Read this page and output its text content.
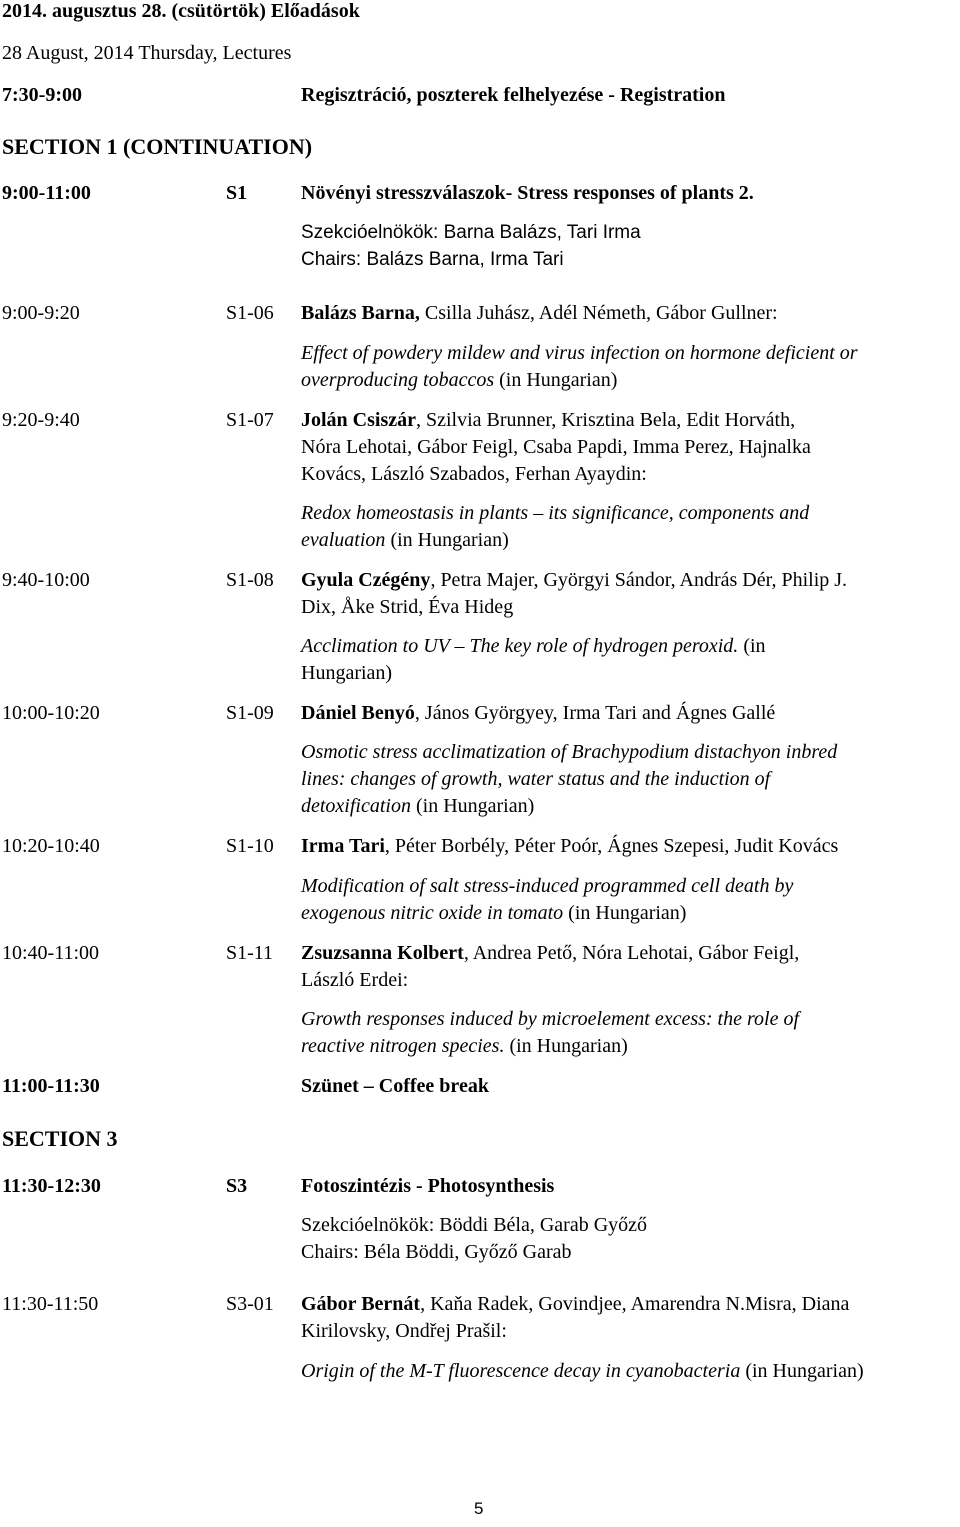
2014. augusztus 28. (csütörtök) Előadások
28 August, 2014 Thursday, Lectures
7:30-9:00	Regisztráció, poszterek felhelyezése - Registration
SECTION 1 (CONTINUATION)
9:00-11:00	S1	Növényi stresszválaszok- Stress responses of plants 2.
Szekcióelnökök: Barna Balázs, Tari Irma
Chairs: Balázs Barna, Irma Tari
9:00-9:20	S1-06 Balázs Barna, Csilla Juhász, Adél Németh, Gábor Gullner:
Effect of powdery mildew and virus infection on hormone deficient or
overproducing tobaccos (in Hungarian)
9:20-9:40	S1-07 Jolán Csiszár, Szilvia Brunner, Krisztina Bela, Edit Horváth,
Nóra Lehotai, Gábor Feigl, Csaba Papdi, Imma Perez, Hajnalka
Kovács, László Szabados, Ferhan Ayaydin:
Redox homeostasis in plants – its significance, components and
evaluation (in Hungarian)
9:40-10:00	S1-08 Gyula Czégény, Petra Majer, Györgyi Sándor, András Dér, Philip J.
Dix, Åke Strid, Éva Hideg
Acclimation to UV – The key role of hydrogen peroxid. (in
Hungarian)
10:00-10:20	S1-09 Dániel Benyó, János Györgyey, Irma Tari and Ágnes Gallé
Osmotic stress acclimatization of Brachypodium distachyon inbred
lines: changes of growth, water status and the induction of
detoxification (in Hungarian)
10:20-10:40	S1-10 Irma Tari, Péter Borbély, Péter Poór, Ágnes Szepesi, Judit Kovács
Modification of salt stress-induced programmed cell death by
exogenous nitric oxide in tomato (in Hungarian)
10:40-11:00	S1-11 Zsuzsanna Kolbert, Andrea Pető, Nóra Lehotai, Gábor Feigl,
László Erdei:
Growth responses induced by microelement excess: the role of
reactive nitrogen species. (in Hungarian)
11:00-11:30	Szünet – Coffee break
SECTION 3
11:30-12:30	S3	Fotoszintézis - Photosynthesis
Szekcióelnökök: Böddi Béla, Garab Győző
Chairs: Béla Böddi, Győző Garab
11:30-11:50	S3-01 Gábor Bernát, Kaňa Radek, Govindjee, Amarendra N.Misra, Diana
Kirilovsky, Ondřej Prašil:
Origin of the M-T fluorescence decay in cyanobacteria (in Hungarian)
5
